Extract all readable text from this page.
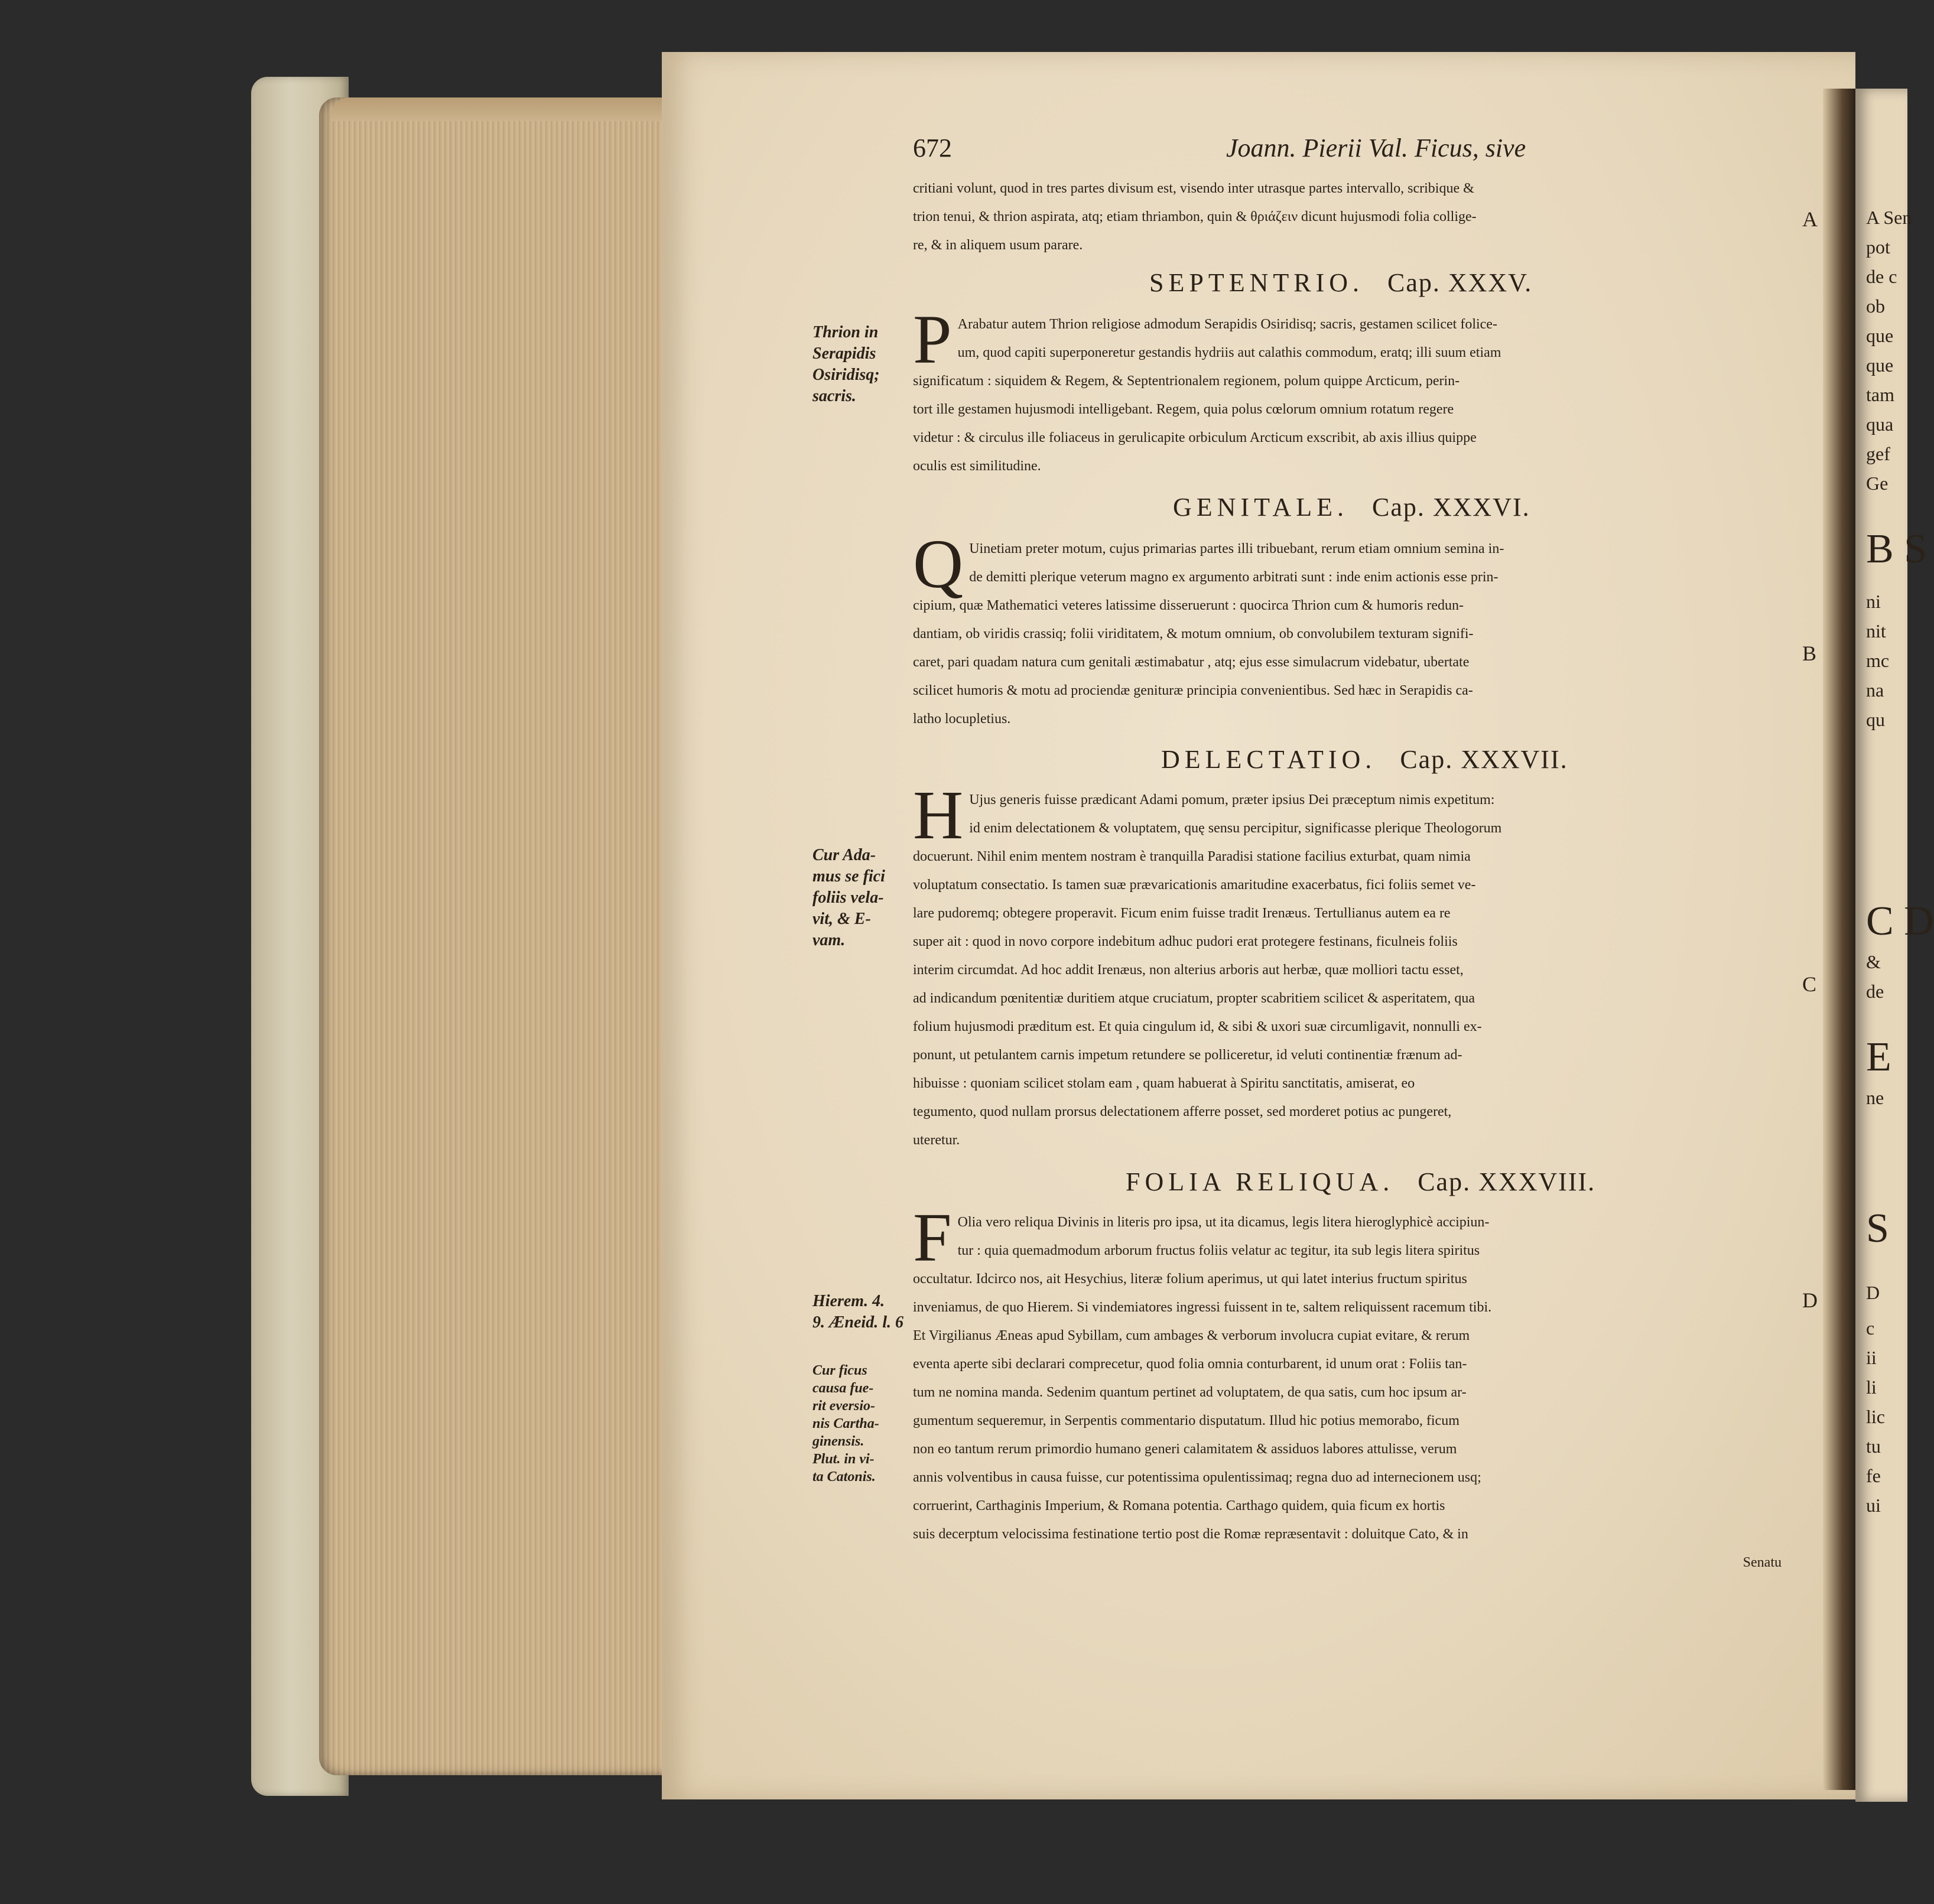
A Sen
pot
de c
ob
que
que
tam
qua
gef
Ge
B S
ni
nit
mc
na
qu
C D
&
de
E
ne
S
D
c
ii
li
lic
tu
fe
ui
Thrion in
Serapidis
Osiridisq;
sacris.
Cur Ada-
mus se fici
foliis vela-
vit, & E-
vam.
Hierem. 4.
9. Æneid. l. 6
Cur ficus
causa fue-
rit eversio-
nis Cartha-
ginensis.
Plut. in vi-
ta Catonis.
A
B
C
D
672	Joann. Pierii Val. Ficus, sive

critiani volunt, quod in tres partes divisum est, visendo inter utrasque partes intervallo, scribique &

trion tenui, & thrion aspirata, atq; etiam thriambon, quin & θριάζειν dicunt hujusmodi folia collige-

re, & in aliquem usum parare.

SEPTENTRIO. Cap. XXXV.
P Arabatur autem Thrion religiose admodum Serapidis Osiridisq; sacris, gestamen scilicet folice-

um, quod capiti superponeretur gestandis hydriis aut calathis commodum, eratq; illi suum etiam

significatum : siquidem & Regem, & Septentrionalem regionem, polum quippe Arcticum, perin-

tort ille gestamen hujusmodi intelligebant. Regem, quia polus cœlorum omnium rotatum regere

videtur : & circulus ille foliaceus in gerulicapite orbiculum Arcticum exscribit, ab axis illius quippe

oculis est similitudine.

GENITALE. Cap. XXXVI.
Q Uinetiam preter motum, cujus primarias partes illi tribuebant, rerum etiam omnium semina in-

de demitti plerique veterum magno ex argumento arbitrati sunt : inde enim actionis esse prin-

cipium, quæ Mathematici veteres latissime disseruerunt : quocirca Thrion cum & humoris redun-

dantiam, ob viridis crassiq; folii viriditatem, & motum omnium, ob convolubilem texturam signifi-

caret, pari quadam natura cum genitali æstimabatur , atq; ejus esse simulacrum videbatur, ubertate

scilicet humoris & motu ad prociendæ genituræ principia convenientibus. Sed hæc in Serapidis ca-

latho locupletius.

DELECTATIO. Cap. XXXVII.
H Ujus generis fuisse prædicant Adami pomum, præter ipsius Dei præceptum nimis expetitum:

id enim delectationem & voluptatem, quę sensu percipitur, significasse plerique Theologorum

docuerunt. Nihil enim mentem nostram è tranquilla Paradisi statione facilius exturbat, quam nimia

voluptatum consectatio. Is tamen suæ prævaricationis amaritudine exacerbatus, fici foliis semet ve-

lare pudoremq; obtegere properavit. Ficum enim fuisse tradit Irenæus. Tertullianus autem ea re

super ait : quod in novo corpore indebitum adhuc pudori erat protegere festinans, ficulneis foliis

interim circumdat. Ad hoc addit Irenæus, non alterius arboris aut herbæ, quæ molliori tactu esset,

ad indicandum pœnitentiæ duritiem atque cruciatum, propter scabritiem scilicet & asperitatem, qua

folium hujusmodi præditum est. Et quia cingulum id, & sibi & uxori suæ circumligavit, nonnulli ex-

ponunt, ut petulantem carnis impetum retundere se polliceretur, id veluti continentiæ frænum ad-

hibuisse : quoniam scilicet stolam eam , quam habuerat à Spiritu sanctitatis, amiserat, eo

tegumento, quod nullam prorsus delectationem afferre posset, sed morderet potius ac pungeret,

uteretur.

FOLIA RELIQUA. Cap. XXXVIII.
F Olia vero reliqua Divinis in literis pro ipsa, ut ita dicamus, legis litera hieroglyphicè accipiun-

tur : quia quemadmodum arborum fructus foliis velatur ac tegitur, ita sub legis litera spiritus

occultatur. Idcirco nos, ait Hesychius, literæ folium aperimus, ut qui latet interius fructum spiritus

inveniamus, de quo Hierem. Si vindemiatores ingressi fuissent in te, saltem reliquissent racemum tibi.

Et Virgilianus Æneas apud Sybillam, cum ambages & verborum involucra cupiat evitare, & rerum

eventa aperte sibi declarari comprecetur, quod folia omnia conturbarent, id unum orat : Foliis tan-

tum ne nomina manda. Sedenim quantum pertinet ad voluptatem, de qua satis, cum hoc ipsum ar-

gumentum sequeremur, in Serpentis commentario disputatum. Illud hic potius memorabo, ficum

non eo tantum rerum primordio humano generi calamitatem & assiduos labores attulisse, verum

annis volventibus in causa fuisse, cur potentissima opulentissimaq; regna duo ad internecionem usq;

corruerint, Carthaginis Imperium, & Romana potentia. Carthago quidem, quia ficum ex hortis

suis decerptum velocissima festinatione tertio post die Romæ repræsentavit : doluitque Cato, & in

Senatu
